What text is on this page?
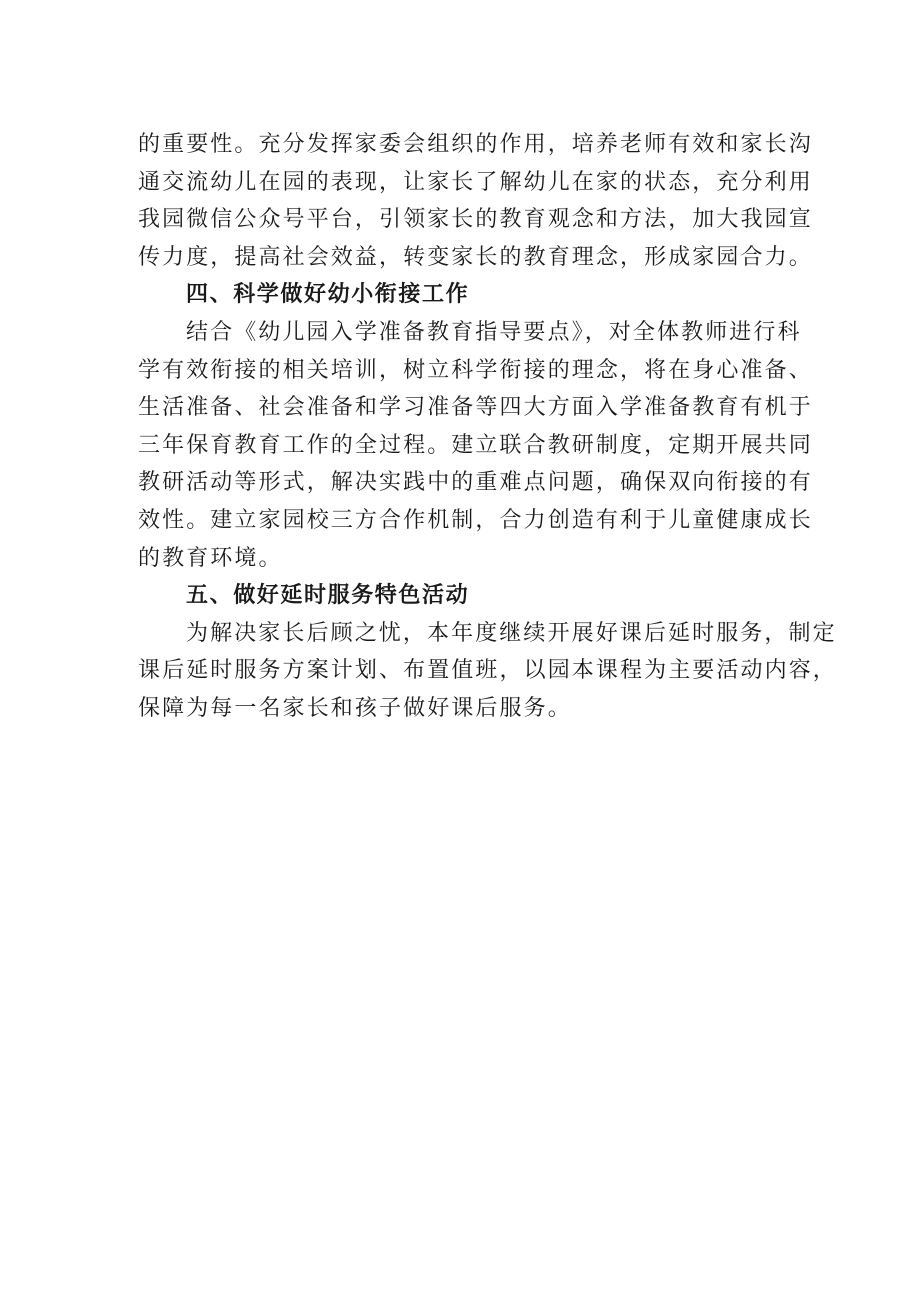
的重要性。充分发挥家委会组织的作用，培养老师有效和家长沟
通交流幼儿在园的表现，让家长了解幼儿在家的状态，充分利用
我园微信公众号平台，引领家长的教育观念和方法，加大我园宣
传力度，提高社会效益，转变家长的教育理念，形成家园合力。
四、科学做好幼小衔接工作
结合《幼儿园入学准备教育指导要点》，对全体教师进行科
学有效衔接的相关培训，树立科学衔接的理念，将在身心准备、
生活准备、社会准备和学习准备等四大方面入学准备教育有机于
三年保育教育工作的全过程。建立联合教研制度，定期开展共同
教研活动等形式，解决实践中的重难点问题，确保双向衔接的有
效性。建立家园校三方合作机制，合力创造有利于儿童健康成长
的教育环境。
五、做好延时服务特色活动
为解决家长后顾之忧，本年度继续开展好课后延时服务，制定
课后延时服务方案计划、布置值班，以园本课程为主要活动内容，
保障为每一名家长和孩子做好课后服务。
